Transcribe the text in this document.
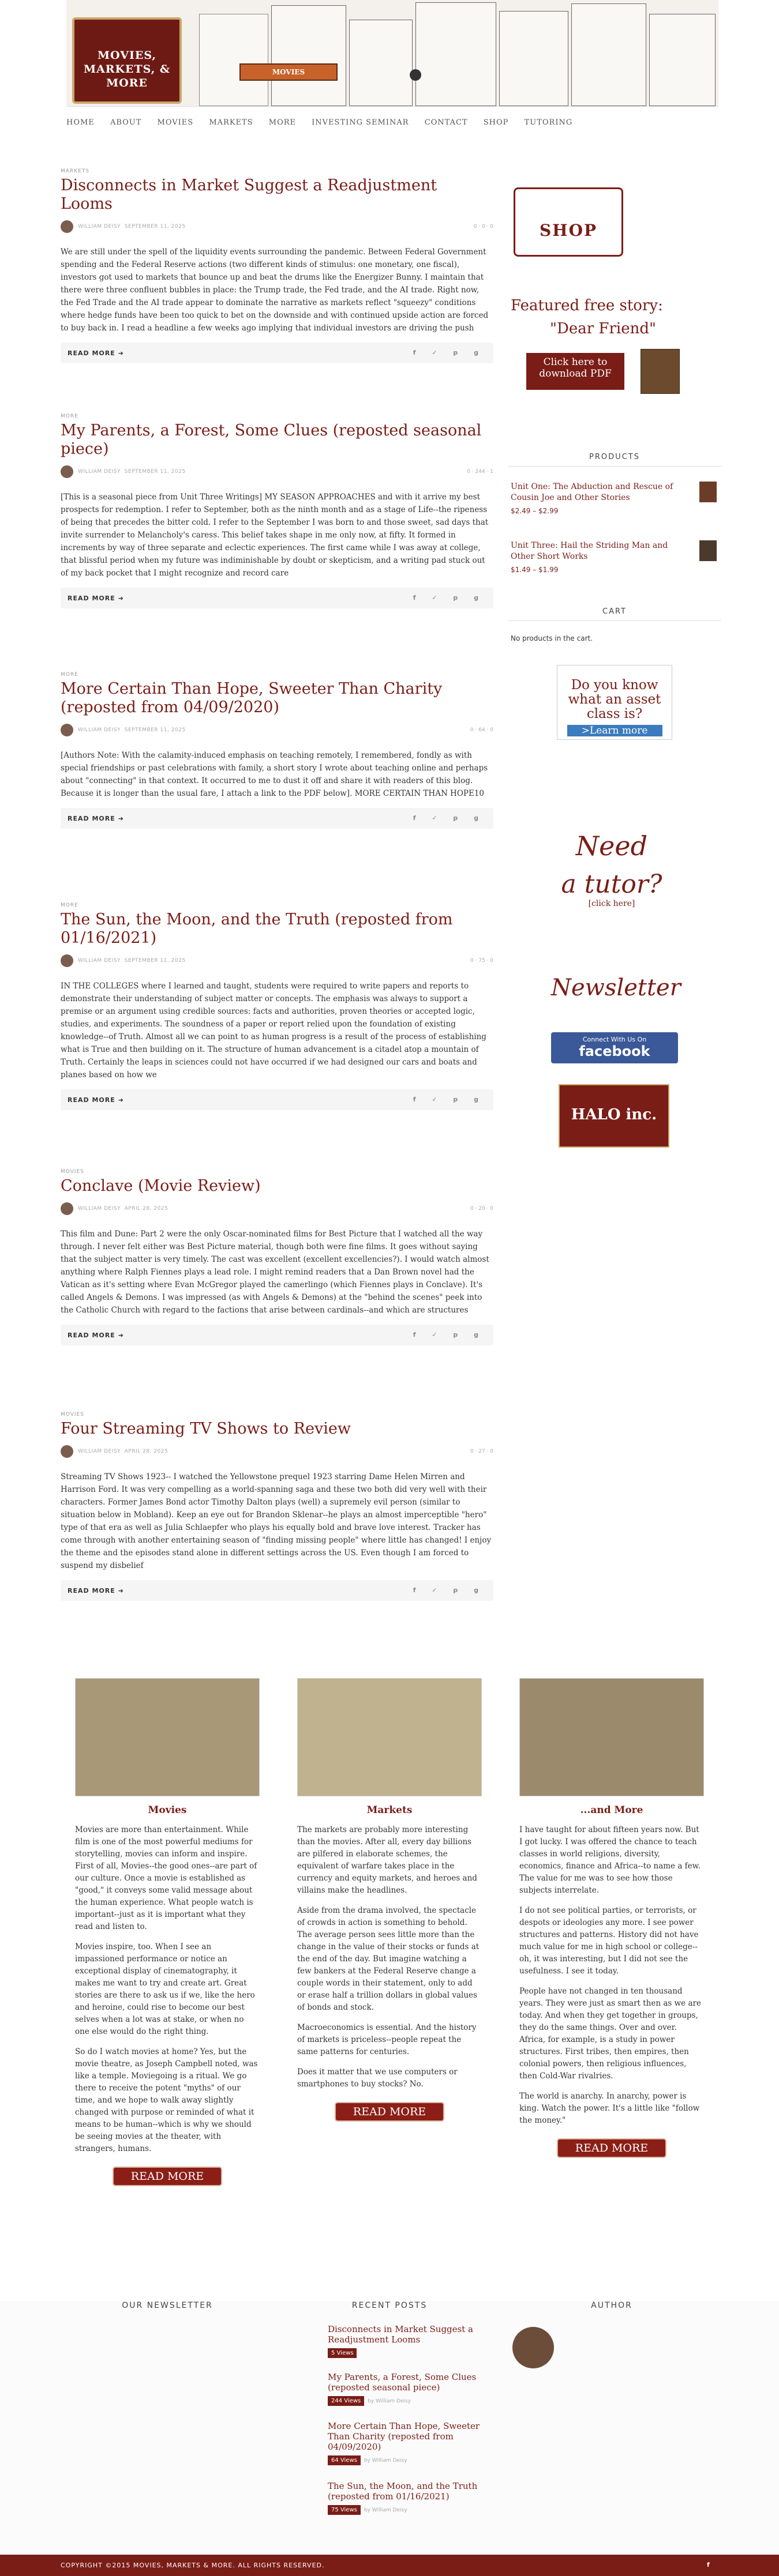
MOVIES
MOVIES, MARKETS, & MORE
HOME ABOUT MOVIES MARKETS MORE INVESTING SEMINAR CONTACT SHOP TUTORING
MARKETS
Disconnects in Market Suggest a Readjustment Looms
WILLIAM DEISY SEPTEMBER 11, 2025	0 · 0 · 0
We are still under the spell of the liquidity events surrounding the pandemic. Between Federal Government spending and the Federal Reserve actions (two different kinds of stimulus: one monetary, one fiscal), investors got used to markets that bounce up and beat the drums like the Energizer Bunny. I maintain that there were three confluent bubbles in place: the Trump trade, the Fed trade, and the AI trade. Right now, the Fed Trade and the AI trade appear to dominate the narrative as markets reflect "squeezy" conditions where hedge funds have been too quick to bet on the downside and with continued upside action are forced to buy back in. I read a headline a few weeks ago implying that individual investors are driving the push
READ MORE ➜	f ✓ p g
MORE
My Parents, a Forest, Some Clues (reposted seasonal piece)
WILLIAM DEISY SEPTEMBER 11, 2025	0 · 244 · 1
[This is a seasonal piece from Unit Three Writings] MY SEASON APPROACHES and with it arrive my best prospects for redemption. I refer to September, both as the ninth month and as a stage of Life--the ripeness of being that precedes the bitter cold. I refer to the September I was born to and those sweet, sad days that invite surrender to Melancholy's caress. This belief takes shape in me only now, at fifty. It formed in increments by way of three separate and eclectic experiences. The first came while I was away at college, that blissful period when my future was indiminishable by doubt or skepticism, and a writing pad stuck out of my back pocket that I might recognize and record care
READ MORE ➜	f ✓ p g
MORE
More Certain Than Hope, Sweeter Than Charity (reposted from 04/09/2020)
WILLIAM DEISY SEPTEMBER 11, 2025	0 · 64 · 0
[Authors Note: With the calamity-induced emphasis on teaching remotely, I remembered, fondly as with special friendships or past celebrations with family, a short story I wrote about teaching online and perhaps about "connecting" in that context. It occurred to me to dust it off and share it with readers of this blog. Because it is longer than the usual fare, I attach a link to the PDF below]. MORE CERTAIN THAN HOPE10
READ MORE ➜	f ✓ p g
MORE
The Sun, the Moon, and the Truth (reposted from 01/16/2021)
WILLIAM DEISY SEPTEMBER 11, 2025	0 · 75 · 0
IN THE COLLEGES where I learned and taught, students were required to write papers and reports to demonstrate their understanding of subject matter or concepts. The emphasis was always to support a premise or an argument using credible sources: facts and authorities, proven theories or accepted logic, studies, and experiments. The soundness of a paper or report relied upon the foundation of existing knowledge--of Truth. Almost all we can point to as human progress is a result of the process of establishing what is True and then building on it. The structure of human advancement is a citadel atop a mountain of Truth. Certainly the leaps in sciences could not have occurred if we had designed our cars and boats and planes based on how we
READ MORE ➜	f ✓ p g
MOVIES
Conclave (Movie Review)
WILLIAM DEISY APRIL 28, 2025	0 · 20 · 0
This film and Dune: Part 2 were the only Oscar-nominated films for Best Picture that I watched all the way through. I never felt either was Best Picture material, though both were fine films. It goes without saying that the subject matter is very timely. The cast was excellent (excellent excellencies?). I would watch almost anything where Ralph Fiennes plays a lead role. I might remind readers that a Dan Brown novel had the Vatican as it's setting where Evan McGregor played the camerlingo (which Fiennes plays in Conclave). It's called Angels & Demons. I was impressed (as with Angels & Demons) at the "behind the scenes" peek into the Catholic Church with regard to the factions that arise between cardinals--and which are structures
READ MORE ➜	f ✓ p g
MOVIES
Four Streaming TV Shows to Review
WILLIAM DEISY APRIL 28, 2025	0 · 27 · 0
Streaming TV Shows 1923-- I watched the Yellowstone prequel 1923 starring Dame Helen Mirren and Harrison Ford. It was very compelling as a world-spanning saga and these two both did very well with their characters. Former James Bond actor Timothy Dalton plays (well) a supremely evil person (similar to situation below in Mobland). Keep an eye out for Brandon Sklenar--he plays an almost imperceptible "hero" type of that era as well as Julia Schlaepfer who plays his equally bold and brave love interest. Tracker has come through with another entertaining season of "finding missing people" where little has changed! I enjoy the theme and the episodes stand alone in different settings across the US. Even though I am forced to suspend my disbelief
READ MORE ➜	f ✓ p g
SHOP
Featured free story:
"Dear Friend"
Click here to download PDF
PRODUCTS
Unit One: The Abduction and Rescue of Cousin Joe and Other Stories
$2.49 – $2.99
Unit Three: Hail the Striding Man and Other Short Works
$1.49 – $1.99
CART
No products in the cart.
Do you know what an asset class is?
>Learn more
Need
a tutor?
[click here]
Newsletter
Connect With Us On
facebook
HALO inc.
Movies
Movies are more than entertainment. While film is one of the most powerful mediums for storytelling, movies can inform and inspire. First of all, Movies--the good ones--are part of our culture. Once a movie is established as "good," it conveys some valid message about the human experience. What people watch is important--just as it is important what they read and listen to.
Movies inspire, too. When I see an impassioned performance or notice an exceptional display of cinematography, it makes me want to try and create art. Great stories are there to ask us if we, like the hero and heroine, could rise to become our best selves when a lot was at stake, or when no one else would do the right thing.
So do I watch movies at home? Yes, but the movie theatre, as Joseph Campbell noted, was like a temple. Moviegoing is a ritual. We go there to receive the potent "myths" of our time, and we hope to walk away slightly changed with purpose or reminded of what it means to be human--which is why we should be seeing movies at the theater, with strangers, humans.
READ MORE
Markets
The markets are probably more interesting than the movies. After all, every day billions are pilfered in elaborate schemes, the equivalent of warfare takes place in the currency and equity markets, and heroes and villains make the headlines.
Aside from the drama involved, the spectacle of crowds in action is something to behold. The average person sees little more than the change in the value of their stocks or funds at the end of the day. But imagine watching a few bankers at the Federal Reserve change a couple words in their statement, only to add or erase half a trillion dollars in global values of bonds and stock.
Macroeconomics is essential. And the history of markets is priceless--people repeat the same patterns for centuries.
Does it matter that we use computers or smartphones to buy stocks? No.
READ MORE
...and More
I have taught for about fifteen years now. But I got lucky. I was offered the chance to teach classes in world religions, diversity, economics, finance and Africa--to name a few. The value for me was to see how those subjects interrelate.
I do not see political parties, or terrorists, or despots or ideologies any more. I see power structures and patterns. History did not have much value for me in high school or college--oh, it was interesting, but I did not see the usefulness. I see it today.
People have not changed in ten thousand years. They were just as smart then as we are today. And when they get together in groups, they do the same things. Over and over. Africa, for example, is a study in power structures. First tribes, then empires, then colonial powers, then religious influences, then Cold-War rivalries.
The world is anarchy. In anarchy, power is king. Watch the power. It's a little like "follow the money."
READ MORE
OUR NEWSLETTER	RECENT POSTS	AUTHOR
Disconnects in Market Suggest a Readjustment Looms
5 Views
My Parents, a Forest, Some Clues (reposted seasonal piece)
244 Views by William Deisy
More Certain Than Hope, Sweeter Than Charity (reposted from 04/09/2020)
64 Views by William Deisy
The Sun, the Moon, and the Truth (reposted from 01/16/2021)
75 Views by William Deisy
COPYRIGHT ©2015 MOVIES, MARKETS & MORE. ALL RIGHTS RESERVED.	f
